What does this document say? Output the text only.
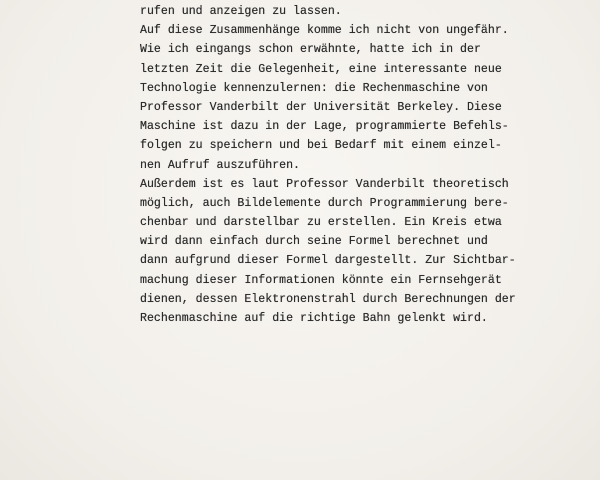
rufen und anzeigen zu lassen.
Auf diese Zusammenhänge komme ich nicht von ungefähr.
Wie ich eingangs schon erwähnte, hatte ich in der
letzten Zeit die Gelegenheit, eine interessante neue
Technologie kennenzulernen: die Rechenmaschine von
Professor Vanderbilt der Universität Berkeley. Diese
Maschine ist dazu in der Lage, programmierte Befehls-
folgen zu speichern und bei Bedarf mit einem einzel-
nen Aufruf auszuführen.
Außerdem ist es laut Professor Vanderbilt theoretisch
möglich, auch Bildelemente durch Programmierung bere-
chenbar und darstellbar zu erstellen. Ein Kreis etwa
wird dann einfach durch seine Formel berechnet und
dann aufgrund dieser Formel dargestellt. Zur Sichtbar-
machung dieser Informationen könnte ein Fernsehgerät
dienen, dessen Elektronenstrahl durch Berechnungen der
Rechenmaschine auf die richtige Bahn gelenkt wird.
